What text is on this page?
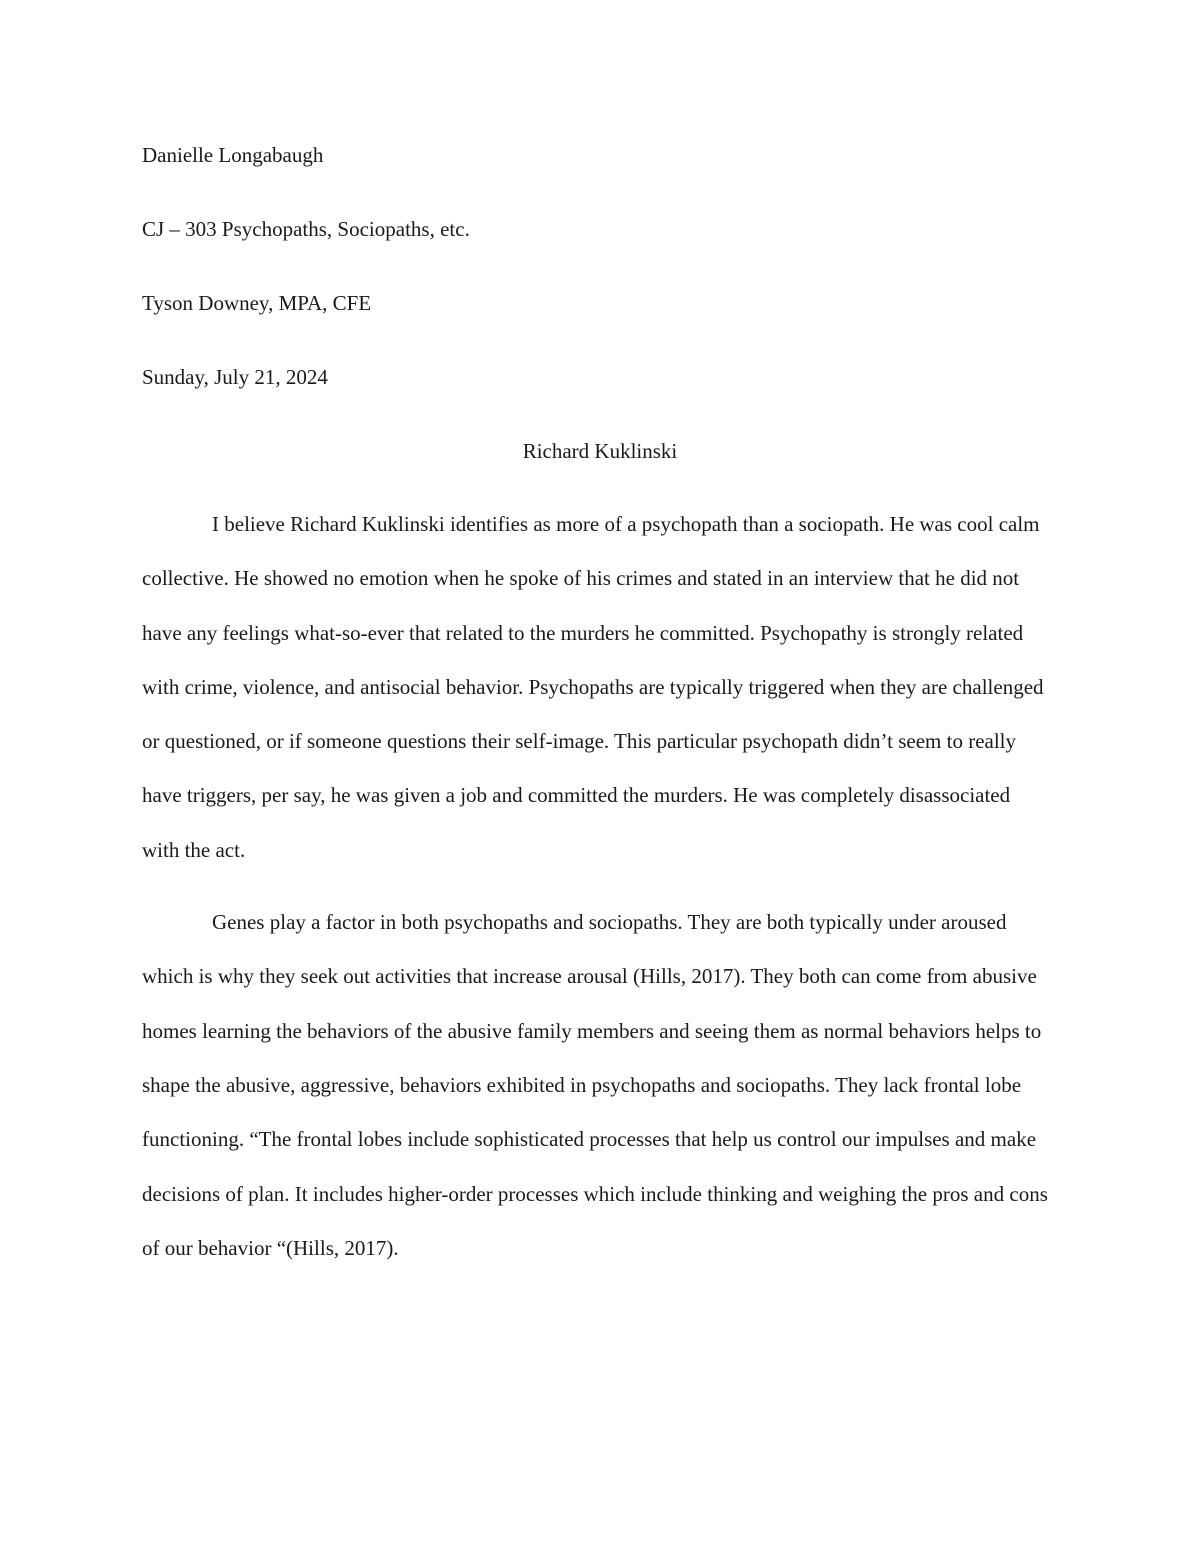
Danielle Longabaugh

CJ – 303 Psychopaths, Sociopaths, etc.

Tyson Downey, MPA, CFE

Sunday, July 21, 2024

Richard Kuklinski

I believe Richard Kuklinski identifies as more of a psychopath than a sociopath. He was cool calm collective. He showed no emotion when he spoke of his crimes and stated in an interview that he did not have any feelings what-so-ever that related to the murders he committed. Psychopathy is strongly related with crime, violence, and antisocial behavior. Psychopaths are typically triggered when they are challenged or questioned, or if someone questions their self-image. This particular psychopath didn’t seem to really have triggers, per say, he was given a job and committed the murders. He was completely disassociated with the act.

Genes play a factor in both psychopaths and sociopaths. They are both typically under aroused which is why they seek out activities that increase arousal (Hills, 2017). They both can come from abusive homes learning the behaviors of the abusive family members and seeing them as normal behaviors helps to shape the abusive, aggressive, behaviors exhibited in psychopaths and sociopaths. They lack frontal lobe functioning. “The frontal lobes include sophisticated processes that help us control our impulses and make decisions of plan. It includes higher-order processes which include thinking and weighing the pros and cons of our behavior “(Hills, 2017).
